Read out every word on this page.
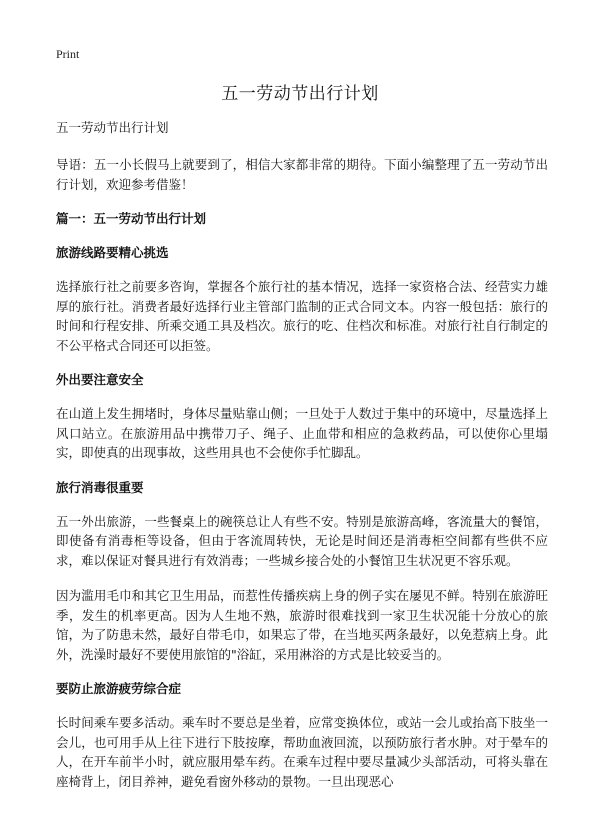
Print
五一劳动节出行计划
五一劳动节出行计划

导语：五一小长假马上就要到了，相信大家都非常的期待。下面小编整理了五一劳动节出行计划，欢迎参考借鉴！

篇一：五一劳动节出行计划
旅游线路要精心挑选

选择旅行社之前要多咨询，掌握各个旅行社的基本情况，选择一家资格合法、经营实力雄厚的旅行社。消费者最好选择行业主管部门监制的正式合同文本。内容一般包括：旅行的时间和行程安排、所乘交通工具及档次。旅行的吃、住档次和标准。对旅行社自行制定的不公平格式合同还可以拒签。

外出要注意安全

在山道上发生拥堵时，身体尽量贴靠山侧；一旦处于人数过于集中的环境中，尽量选择上风口站立。在旅游用品中携带刀子、绳子、止血带和相应的急救药品，可以使你心里塌实，即使真的出现事故，这些用具也不会使你手忙脚乱。

旅行消毒很重要

五一外出旅游，一些餐桌上的碗筷总让人有些不安。特别是旅游高峰，客流量大的餐馆，即使备有消毒柜等设备，但由于客流周转快，无论是时间还是消毒柜空间都有些供不应求，难以保证对餐具进行有效消毒；一些城乡接合处的小餐馆卫生状况更不容乐观。

因为滥用毛巾和其它卫生用品，而惹性传播疾病上身的例子实在屡见不鲜。特别在旅游旺季，发生的机率更高。因为人生地不熟，旅游时很难找到一家卫生状况能十分放心的旅馆，为了防患未然，最好自带毛巾，如果忘了带，在当地买两条最好，以免惹病上身。此外，洗澡时最好不要使用旅馆的"浴缸，采用淋浴的方式是比较妥当的。

要防止旅游疲劳综合症

长时间乘车要多活动。乘车时不要总是坐着，应常变换体位，或站一会儿或抬高下肢坐一会儿，也可用手从上往下进行下肢按摩，帮助血液回流，以预防旅行者水肿。对于晕车的人，在开车前半小时，就应服用晕车药。在乘车过程中要尽量减少头部活动，可将头靠在座椅背上，闭目养神，避免看窗外移动的景物。一旦出现恶心
